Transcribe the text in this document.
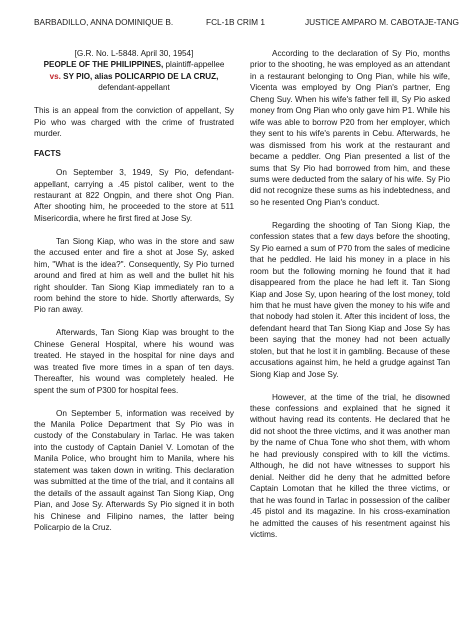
BARBADILLO, ANNA DOMINIQUE B.	FCL-1B CRIM 1	JUSTICE AMPARO M. CABOTAJE-TANG

[G.R. No. L-5848. April 30, 1954]

PEOPLE OF THE PHILIPPINES, plaintiff-appellee
vs. SY PIO, alias POLICARPIO DE LA CRUZ,
defendant-appellant

This is an appeal from the conviction of appellant, Sy Pio who was charged with the crime of frustrated murder.

FACTS

On September 3, 1949, Sy Pio, defendant-appellant, carrying a .45 pistol caliber, went to the restaurant at 822 Ongpin, and there shot Ong Pian. After shooting him, he proceeded to the store at 511 Misericordia, where he first fired at Jose Sy.

Tan Siong Kiap, who was in the store and saw the accused enter and fire a shot at Jose Sy, asked him, "What is the idea?". Consequently, Sy Pio turned around and fired at him as well and the bullet hit his right shoulder. Tan Siong Kiap immediately ran to a room behind the store to hide. Shortly afterwards, Sy Pio ran away.

Afterwards, Tan Siong Kiap was brought to the Chinese General Hospital, where his wound was treated. He stayed in the hospital for nine days and was treated five more times in a span of ten days. Thereafter, his wound was completely healed. He spent the sum of P300 for hospital fees.

On September 5, information was received by the Manila Police Department that Sy Pio was in custody of the Constabulary in Tarlac. He was taken into the custody of Captain Daniel V. Lomotan of the Manila Police, who brought him to Manila, where his statement was taken down in writing. This declaration was submitted at the time of the trial, and it contains all the details of the assault against Tan Siong Kiap, Ong Pian, and Jose Sy. Afterwards Sy Pio signed it in both his Chinese and Filipino names, the latter being Policarpio de la Cruz.

According to the declaration of Sy Pio, months prior to the shooting, he was employed as an attendant in a restaurant belonging to Ong Pian, while his wife, Vicenta was employed by Ong Pian's partner, Eng Cheng Suy. When his wife's father fell ill, Sy Pio asked money from Ong Pian who only gave him P1. While his wife was able to borrow P20 from her employer, which they sent to his wife's parents in Cebu. Afterwards, he was dismissed from his work at the restaurant and became a peddler. Ong Pian presented a list of the sums that Sy Pio had borrowed from him, and these sums were deducted from the salary of his wife. Sy Pio did not recognize these sums as his indebtedness, and so he resented Ong Pian's conduct.

Regarding the shooting of Tan Siong Kiap, the confession states that a few days before the shooting, Sy Pio earned a sum of P70 from the sales of medicine that he peddled. He laid his money in a place in his room but the following morning he found that it had disappeared from the place he had left it. Tan Siong Kiap and Jose Sy, upon hearing of the lost money, told him that he must have given the money to his wife and that nobody had stolen it. After this incident of loss, the defendant heard that Tan Siong Kiap and Jose Sy has been saying that the money had not been actually stolen, but that he lost it in gambling. Because of these accusations against him, he held a grudge against Tan Siong Kiap and Jose Sy.

However, at the time of the trial, he disowned these confessions and explained that he signed it without having read its contents. He declared that he did not shoot the three victims, and it was another man by the name of Chua Tone who shot them, with whom he had previously conspired with to kill the victims. Although, he did not have witnesses to support his denial. Neither did he deny that he admitted before Captain Lomotan that he killed the three victims, or that he was found in Tarlac in possession of the caliber .45 pistol and its magazine. In his cross-examination he admitted the causes of his resentment against his victims.
